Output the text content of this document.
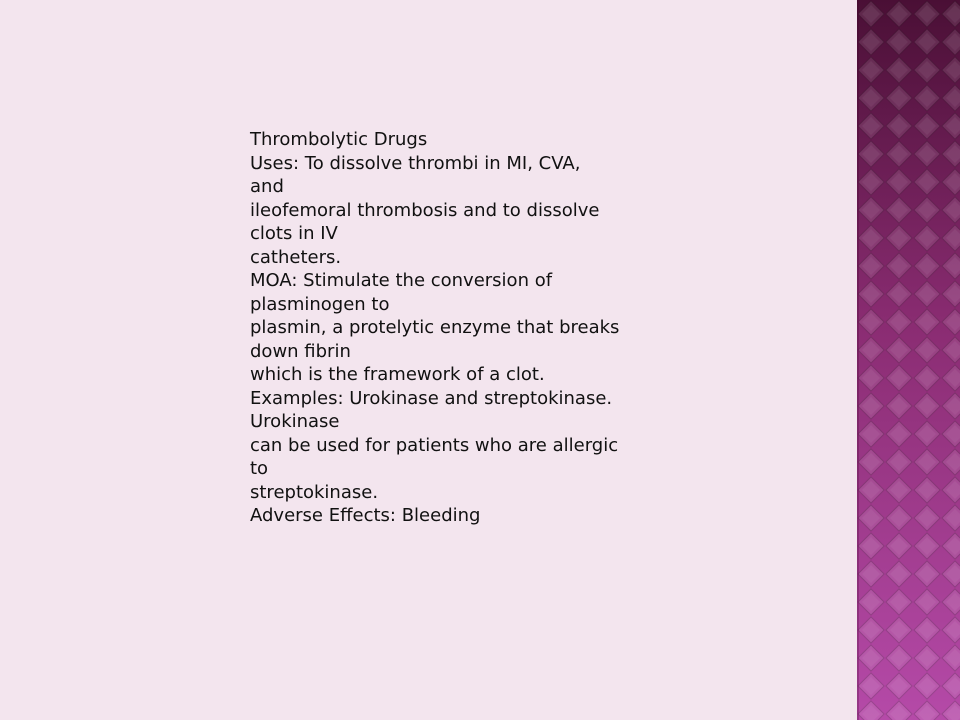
Thrombolytic Drugs
Uses: To dissolve thrombi in MI, CVA,
and
ileofemoral thrombosis and to dissolve
clots in IV
catheters.
MOA: Stimulate the conversion of
plasminogen to
plasmin, a protelytic enzyme that breaks
down fibrin
which is the framework of a clot.
Examples: Urokinase and streptokinase.
Urokinase
can be used for patients who are allergic
to
streptokinase.
Adverse Effects: Bleeding
